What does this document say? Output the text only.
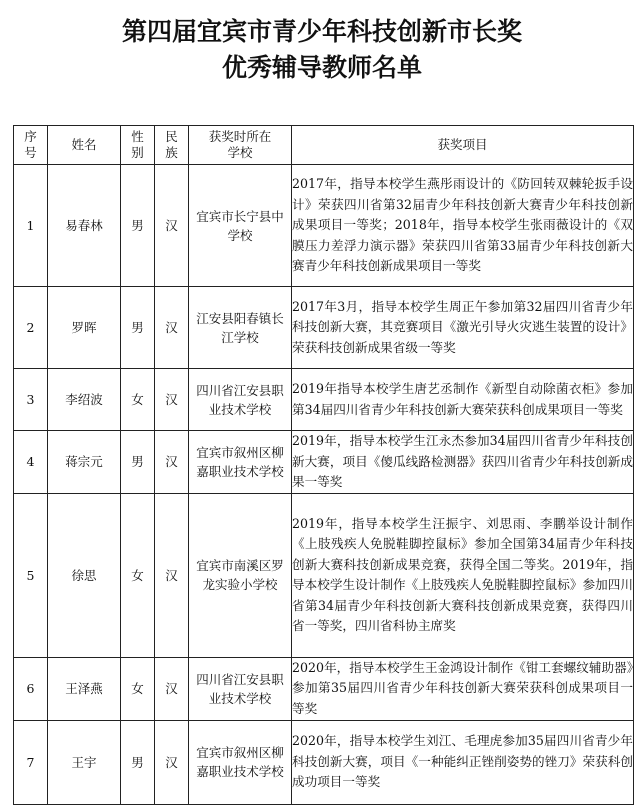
第四届宜宾市青少年科技创新市长奖
优秀辅导教师名单
序号	姓名	性别	民族	获奖时所在学校	获奖项目
1	易春林	男	汉	宜宾市长宁县中学校	2017年，指导本校学生燕彤雨设计的《防回转双棘轮扳手设计》荣获四川省第32届青少年科技创新大赛青少年科技创新成果项目一等奖；2018年，指导本校学生张雨薇设计的《双膜压力差浮力演示器》荣获四川省第33届青少年科技创新大赛青少年科技创新成果项目一等奖
2	罗晖	男	汉	江安县阳春镇长江学校	2017年3月，指导本校学生周正午参加第32届四川省青少年科技创新大赛，其竞赛项目《激光引导火灾逃生装置的设计》荣获科技创新成果省级一等奖
3	李绍波	女	汉	四川省江安县职业技术学校	2019年指导本校学生唐艺丞制作《新型自动除菌衣柜》参加第34届四川省青少年科技创新大赛荣获科创成果项目一等奖
4	蒋宗元	男	汉	宜宾市叙州区柳嘉职业技术学校	2019年，指导本校学生江永杰参加34届四川省青少年科技创新大赛，项目《傻瓜线路检测器》获四川省青少年科技创新成果一等奖
5	徐思	女	汉	宜宾市南溪区罗龙实验小学校	2019年，指导本校学生汪振宇、刘思雨、李鹏举设计制作《上肢残疾人免脱鞋脚控鼠标》参加全国第34届青少年科技创新大赛科技创新成果竞赛，获得全国二等奖。2019年，指导本校学生设计制作《上肢残疾人免脱鞋脚控鼠标》参加四川省第34届青少年科技创新大赛科技创新成果竞赛，获得四川省一等奖，四川省科协主席奖
6	王泽燕	女	汉	四川省江安县职业技术学校	2020年，指导本校学生王金鸿设计制作《钳工套螺纹辅助器》参加第35届四川省青少年科技创新大赛荣获科创成果项目一等奖
7	王宇	男	汉	宜宾市叙州区柳嘉职业技术学校	2020年，指导本校学生刘江、毛理虎参加35届四川省青少年科技创新大赛，项目《一种能纠正锉削姿势的锉刀》荣获科创成功项目一等奖
